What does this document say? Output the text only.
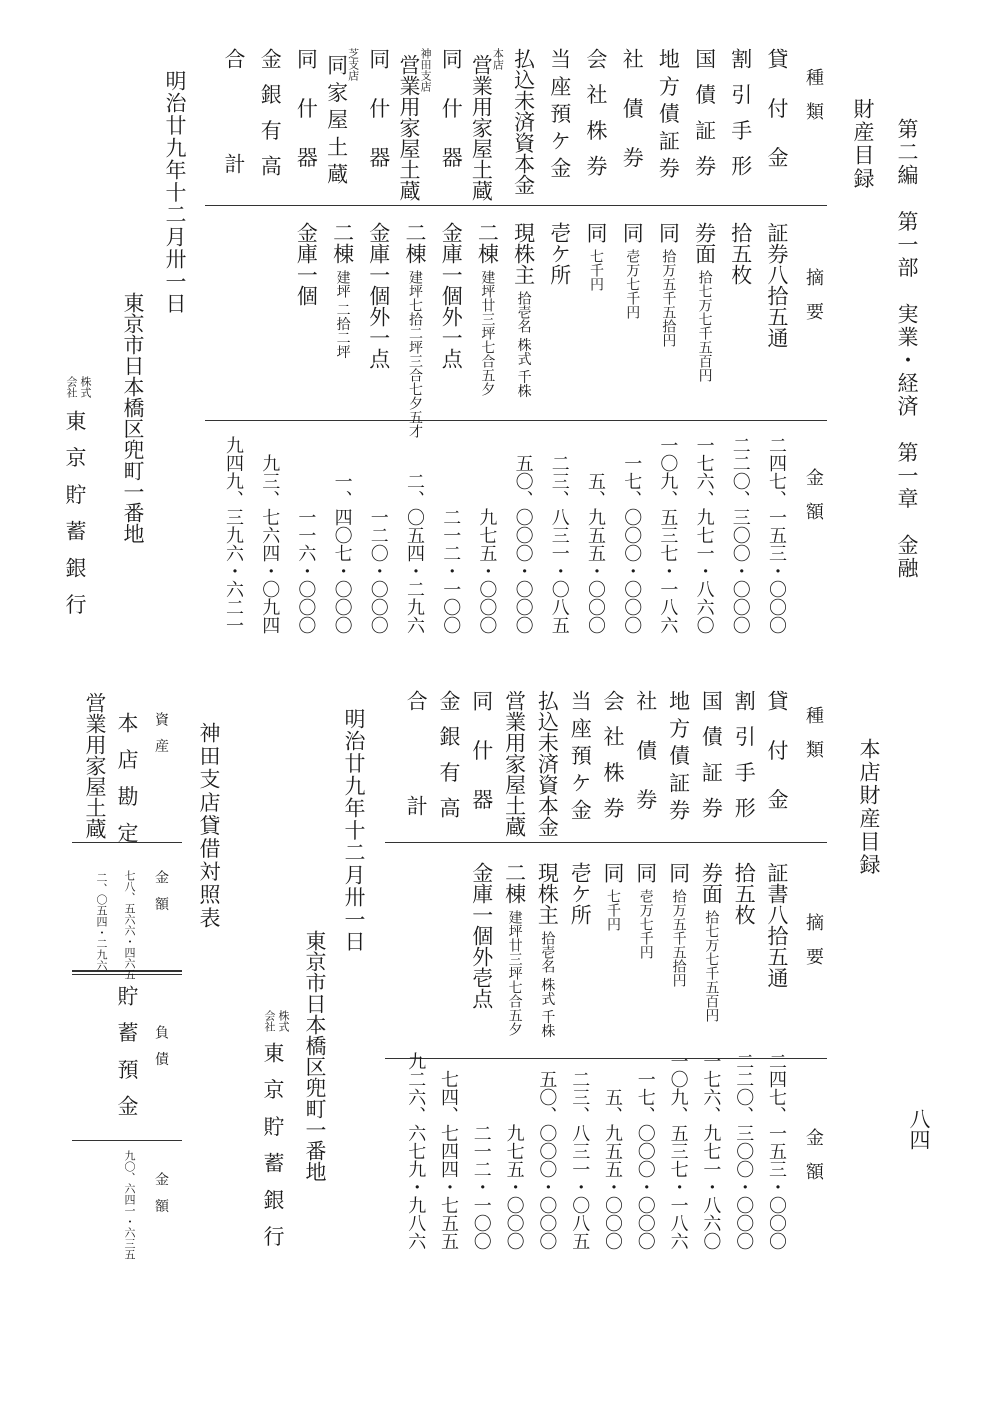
第二編　第一部　実業・経済　第一章　金融
八四
財産目録
種類
摘要
金額
貸付金
証券八拾五通
二四七、一五三・〇〇〇
割引手形
拾五枚
二二〇、三〇〇・〇〇〇
国債証券
券面拾七万七千五百円
一七六、九七一・八六〇
地方債証券
同拾万五千五拾円
一〇九、五三七・一八六
社債券
同壱万七千円
一七、〇〇〇・〇〇〇
会社株券
同七千円
五、九五五・〇〇〇
当座預ケ金
壱ケ所
二三、八三一・〇八五
払込未済資本金
現株主拾壱名 株式 千株
五〇、〇〇〇・〇〇〇
本店
営業用家屋土蔵
二棟建坪廿三坪七合五夕
九七五・〇〇〇
同什器
金庫一個外一点
二一二・一〇〇
神田支店
営業用家屋土蔵
二棟建坪七拾二坪三合七夕五才
二、〇五四・二九六
同什器
金庫一個外一点
一二〇・〇〇〇
芝支店
同家屋土蔵
二棟建坪 二拾二坪
一、四〇七・〇〇〇
同什器
金庫一個
一一六・〇〇〇
金銀有高
九三、七六四・〇九四
合計
九四九、三九六・六二一
明治廿九年十二月卅一日
東京市日本橋区兜町一番地
株式
会社
東京貯蓄銀行
本店財産目録
種類
摘要
金額
貸付金
証書八拾五通
二四七、一五三・〇〇〇
割引手形
拾五枚
二二〇、三〇〇・〇〇〇
国債証券
券面拾七万七千五百円
一七六、九七一・八六〇
地方債証券
同拾万五千五拾円
一〇九、五三七・一八六
社債券
同壱万七千円
一七、〇〇〇・〇〇〇
会社株券
同七千円
五、九五五・〇〇〇
当座預ケ金
壱ケ所
二三、八三一・〇八五
払込未済資本金
現株主拾壱名 株式 千株
五〇、〇〇〇・〇〇〇
営業用家屋土蔵
二棟建坪廿三坪七合五夕
九七五・〇〇〇
同什器
金庫一個外壱点
二一二・一〇〇
金銀有高
七四、七四四・七五五
合計
九二六、六七九・九八六
明治廿九年十二月卅一日
東京市日本橋区兜町一番地
株式
会社
東京貯蓄銀行
神田支店貸借対照表
資産
金額
負債
金額
本店勘定
営業用家屋土蔵
七八、五六六・四六五
二、〇五四・二九六
貯蓄預金
九〇、六四一・六三五
